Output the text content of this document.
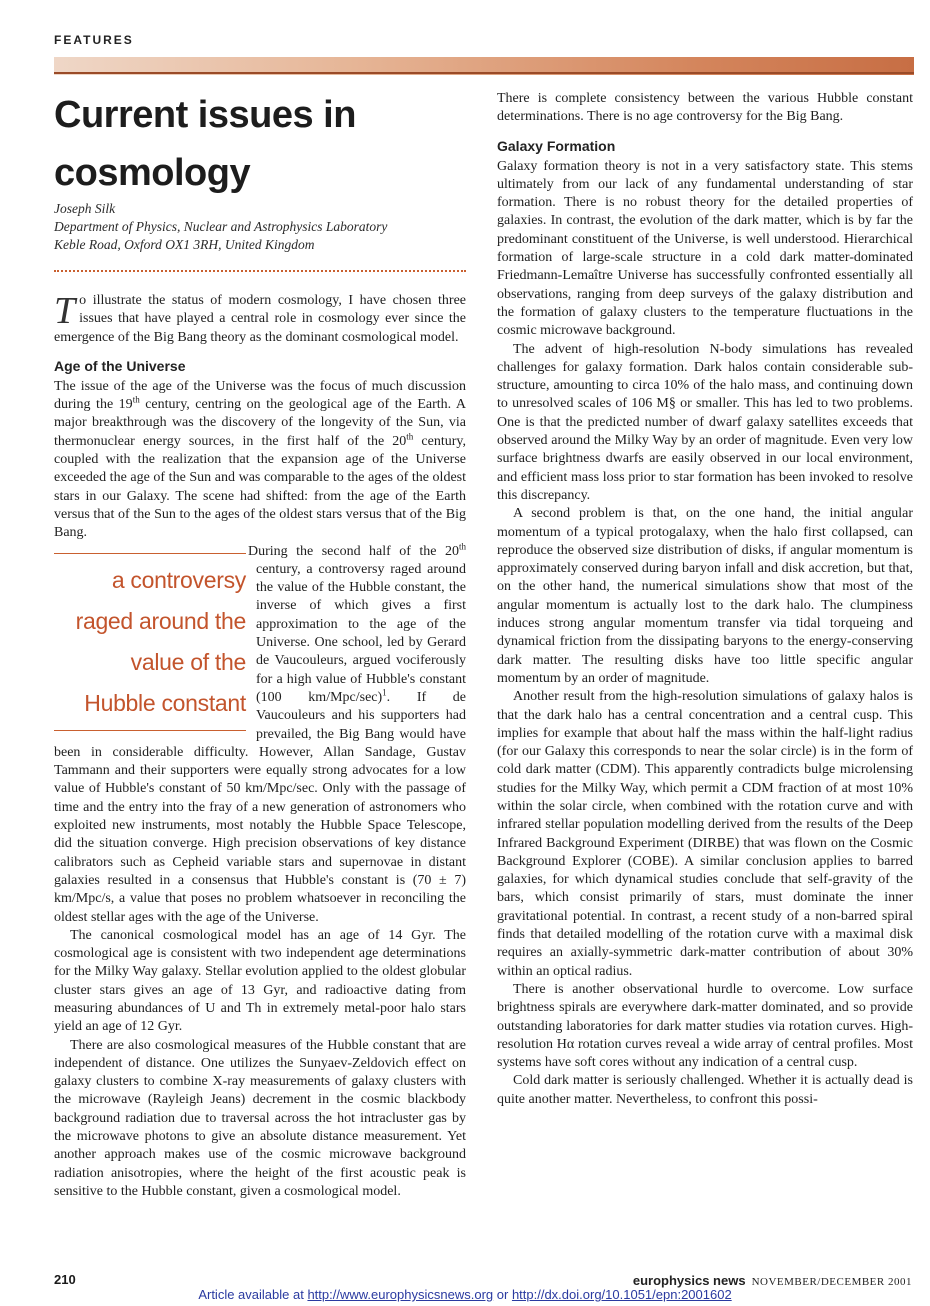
FEATURES
Current issues in cosmology
Joseph Silk
Department of Physics, Nuclear and Astrophysics Laboratory
Keble Road, Oxford OX1 3RH, United Kingdom

To illustrate the status of modern cosmology, I have chosen three issues that have played a central role in cosmology ever since the emergence of the Big Bang theory as the dominant cosmological model.

Age of the Universe

The issue of the age of the Universe was the focus of much discussion during the 19th century, centring on the geological age of the Earth. A major breakthrough was the discovery of the longevity of the Sun, via thermonuclear energy sources, in the first half of the 20th century, coupled with the realization that the expansion age of the Universe exceeded the age of the Sun and was comparable to the ages of the oldest stars in our Galaxy. The scene had shifted: from the age of the Earth versus that of the Sun to the ages of the oldest stars versus that of the Big Bang.

a controversy raged around the value of the Hubble constant
During the second half of the 20th century, a controversy raged around the value of the Hubble constant, the inverse of which gives a first approximation to the age of the Universe. One school, led by Gerard de Vaucouleurs, argued vociferously for a high value of Hubble's constant (100 km/Mpc/sec)$^1$. If de Vaucouleurs and his supporters had prevailed, the Big Bang would have been in considerable difficulty. However, Allan Sandage, Gustav Tammann and their supporters were equally strong advocates for a low value of Hubble's constant of 50 km/Mpc/sec. Only with the passage of time and the entry into the fray of a new generation of astronomers who exploited new instruments, most notably the Hubble Space Telescope, did the situation converge. High precision observations of key distance calibrators such as Cepheid variable stars and supernovae in distant galaxies resulted in a consensus that Hubble's constant is (70 ± 7) km/Mpc/s, a value that poses no problem whatsoever in reconciling the oldest stellar ages with the age of the Universe.

The canonical cosmological model has an age of 14 Gyr. The cosmological age is consistent with two independent age determinations for the Milky Way galaxy. Stellar evolution applied to the oldest globular cluster stars gives an age of 13 Gyr, and radioactive dating from measuring abundances of U and Th in extremely metal-poor halo stars yield an age of 12 Gyr.

There are also cosmological measures of the Hubble constant that are independent of distance. One utilizes the Sunyaev-Zeldovich effect on galaxy clusters to combine X-ray measurements of galaxy clusters with the microwave (Rayleigh Jeans) decrement in the cosmic blackbody background radiation due to traversal across the hot intracluster gas by the microwave photons to give an absolute distance measurement. Yet another approach makes use of the cosmic microwave background radiation anisotropies, where the height of the first acoustic peak is sensitive to the Hubble constant, given a cosmological model.

There is complete consistency between the various Hubble constant determinations. There is no age controversy for the Big Bang.

Galaxy Formation

Galaxy formation theory is not in a very satisfactory state. This stems ultimately from our lack of any fundamental understanding of star formation. There is no robust theory for the detailed properties of galaxies. In contrast, the evolution of the dark matter, which is by far the predominant constituent of the Universe, is well understood. Hierarchical formation of large-scale structure in a cold dark matter-dominated Friedmann-Lemaître Universe has successfully confronted essentially all observations, ranging from deep surveys of the galaxy distribution and the formation of galaxy clusters to the temperature fluctuations in the cosmic microwave background.

The advent of high-resolution N-body simulations has revealed challenges for galaxy formation. Dark halos contain considerable sub-structure, amounting to circa 10% of the halo mass, and continuing down to unresolved scales of 106 M§ or smaller. This has led to two problems. One is that the predicted number of dwarf galaxy satellites exceeds that observed around the Milky Way by an order of magnitude. Even very low surface brightness dwarfs are easily observed in our local environment, and efficient mass loss prior to star formation has been invoked to resolve this discrepancy.

A second problem is that, on the one hand, the initial angular momentum of a typical protogalaxy, when the halo first collapsed, can reproduce the observed size distribution of disks, if angular momentum is approximately conserved during baryon infall and disk accretion, but that, on the other hand, the numerical simulations show that most of the angular momentum is actually lost to the dark halo. The clumpiness induces strong angular momentum transfer via tidal torqueing and dynamical friction from the dissipating baryons to the energy-conserving dark matter. The resulting disks have too little specific angular momentum by an order of magnitude.

Another result from the high-resolution simulations of galaxy halos is that the dark halo has a central concentration and a central cusp. This implies for example that about half the mass within the half-light radius (for our Galaxy this corresponds to near the solar circle) is in the form of cold dark matter (CDM). This apparently contradicts bulge microlensing studies for the Milky Way, which permit a CDM fraction of at most 10% within the solar circle, when combined with the rotation curve and with infrared stellar population modelling derived from the results of the Deep Infrared Background Experiment (DIRBE) that was flown on the Cosmic Background Explorer (COBE). A similar conclusion applies to barred galaxies, for which dynamical studies conclude that self-gravity of the bars, which consist primarily of stars, must dominate the inner gravitational potential. In contrast, a recent study of a non-barred spiral finds that detailed modelling of the rotation curve with a maximal disk requires an axially-symmetric dark-matter contribution of about 30% within an optical radius.

There is another observational hurdle to overcome. Low surface brightness spirals are everywhere dark-matter dominated, and so provide outstanding laboratories for dark matter studies via rotation curves. High-resolution Hα rotation curves reveal a wide array of central profiles. Most systems have soft cores without any indication of a central cusp.

Cold dark matter is seriously challenged. Whether it is actually dead is quite another matter. Nevertheless, to confront this possi-

210	europhysics news NOVEMBER/DECEMBER 2001
Article available at http://www.europhysicsnews.org or http://dx.doi.org/10.1051/epn:2001602
